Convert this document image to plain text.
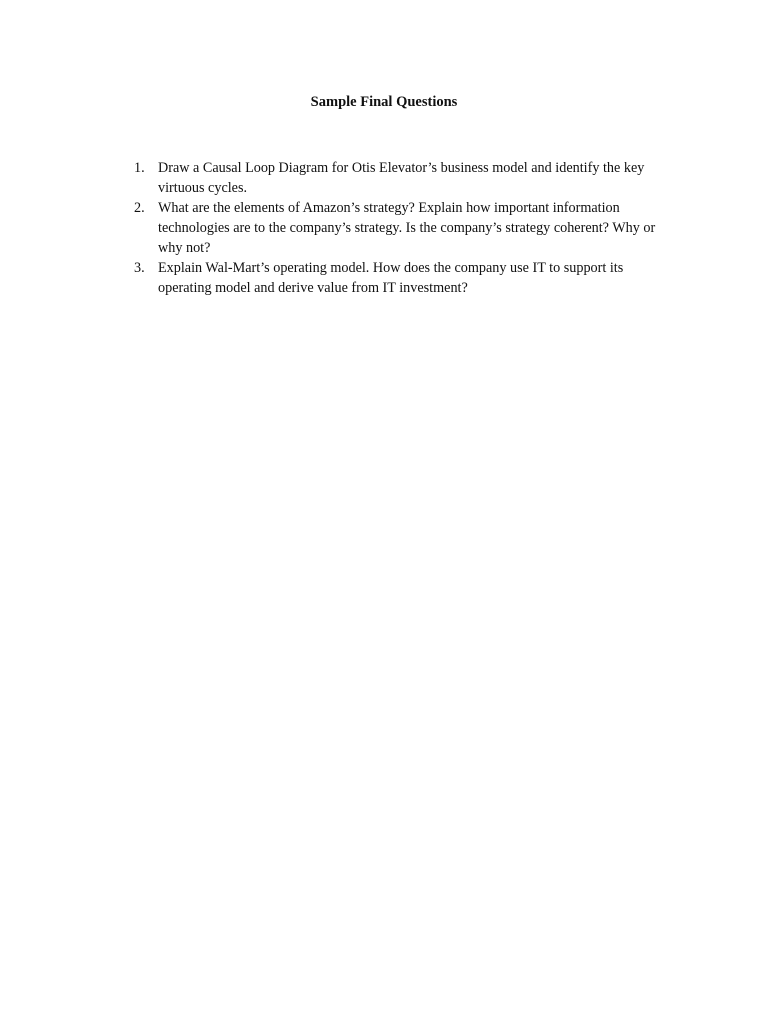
Sample Final Questions
1. Draw a Causal Loop Diagram for Otis Elevator’s business model and identify the key virtuous cycles.
2. What are the elements of Amazon’s strategy? Explain how important information technologies are to the company’s strategy. Is the company’s strategy coherent? Why or why not?
3. Explain Wal-Mart’s operating model. How does the company use IT to support its operating model and derive value from IT investment?
